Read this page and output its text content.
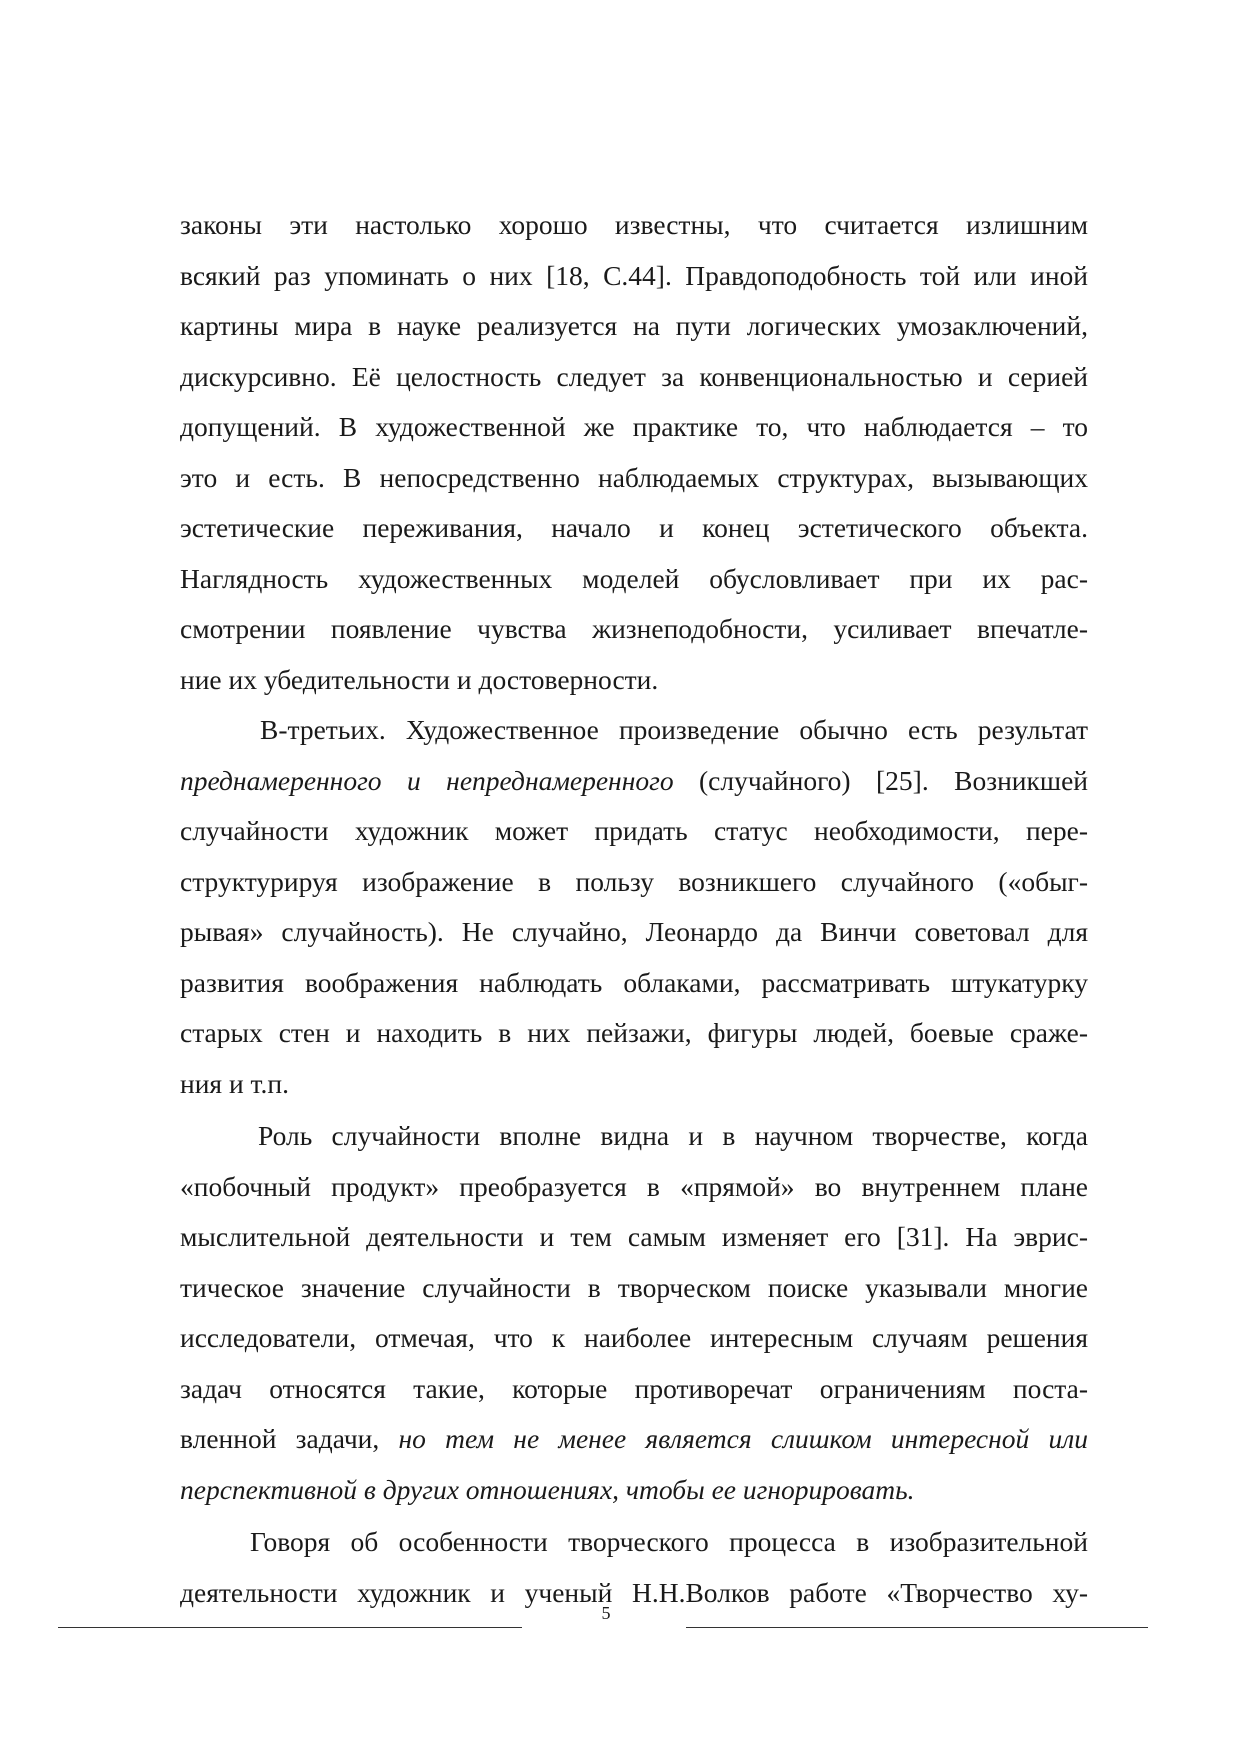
законы эти настолько хорошо известны, что считается излишним
всякий раз упоминать о них [18, С.44]. Правдоподобность той или иной
картины мира в науке реализуется на пути логических умозаключений,
дискурсивно. Её целостность следует за конвенциональностью и серией
допущений. В художественной же практике то, что наблюдается – то
это и есть. В непосредственно наблюдаемых структурах, вызывающих
эстетические переживания, начало и конец эстетического объекта.
Наглядность художественных моделей обусловливает при их рас-
смотрении появление чувства жизнеподобности, усиливает впечатле-
ние их убедительности и достоверности.
В-третьих. Художественное произведение обычно есть результат
преднамеренного и непреднамеренного (случайного) [25]. Возникшей
случайности художник может придать статус необходимости, пере-
структурируя изображение в пользу возникшего случайного («обыг-
рывая» случайность). Не случайно, Леонардо да Винчи советовал для
развития воображения наблюдать облаками, рассматривать штукатурку
старых стен и находить в них пейзажи, фигуры людей, боевые сраже-
ния и т.п.
Роль случайности вполне видна и в научном творчестве, когда
«побочный продукт» преобразуется в «прямой» во внутреннем плане
мыслительной деятельности и тем самым изменяет его [31]. На эврис-
тическое значение случайности в творческом поиске указывали многие
исследователи, отмечая, что к наиболее интересным случаям решения
задач относятся такие, которые противоречат ограничениям поста-
вленной задачи, но тем не менее является слишком интересной или
перспективной в других отношениях, чтобы ее игнорировать.
Говоря об особенности творческого процесса в изобразительной
деятельности художник и ученый Н.Н.Волков работе «Творчество ху-
5
